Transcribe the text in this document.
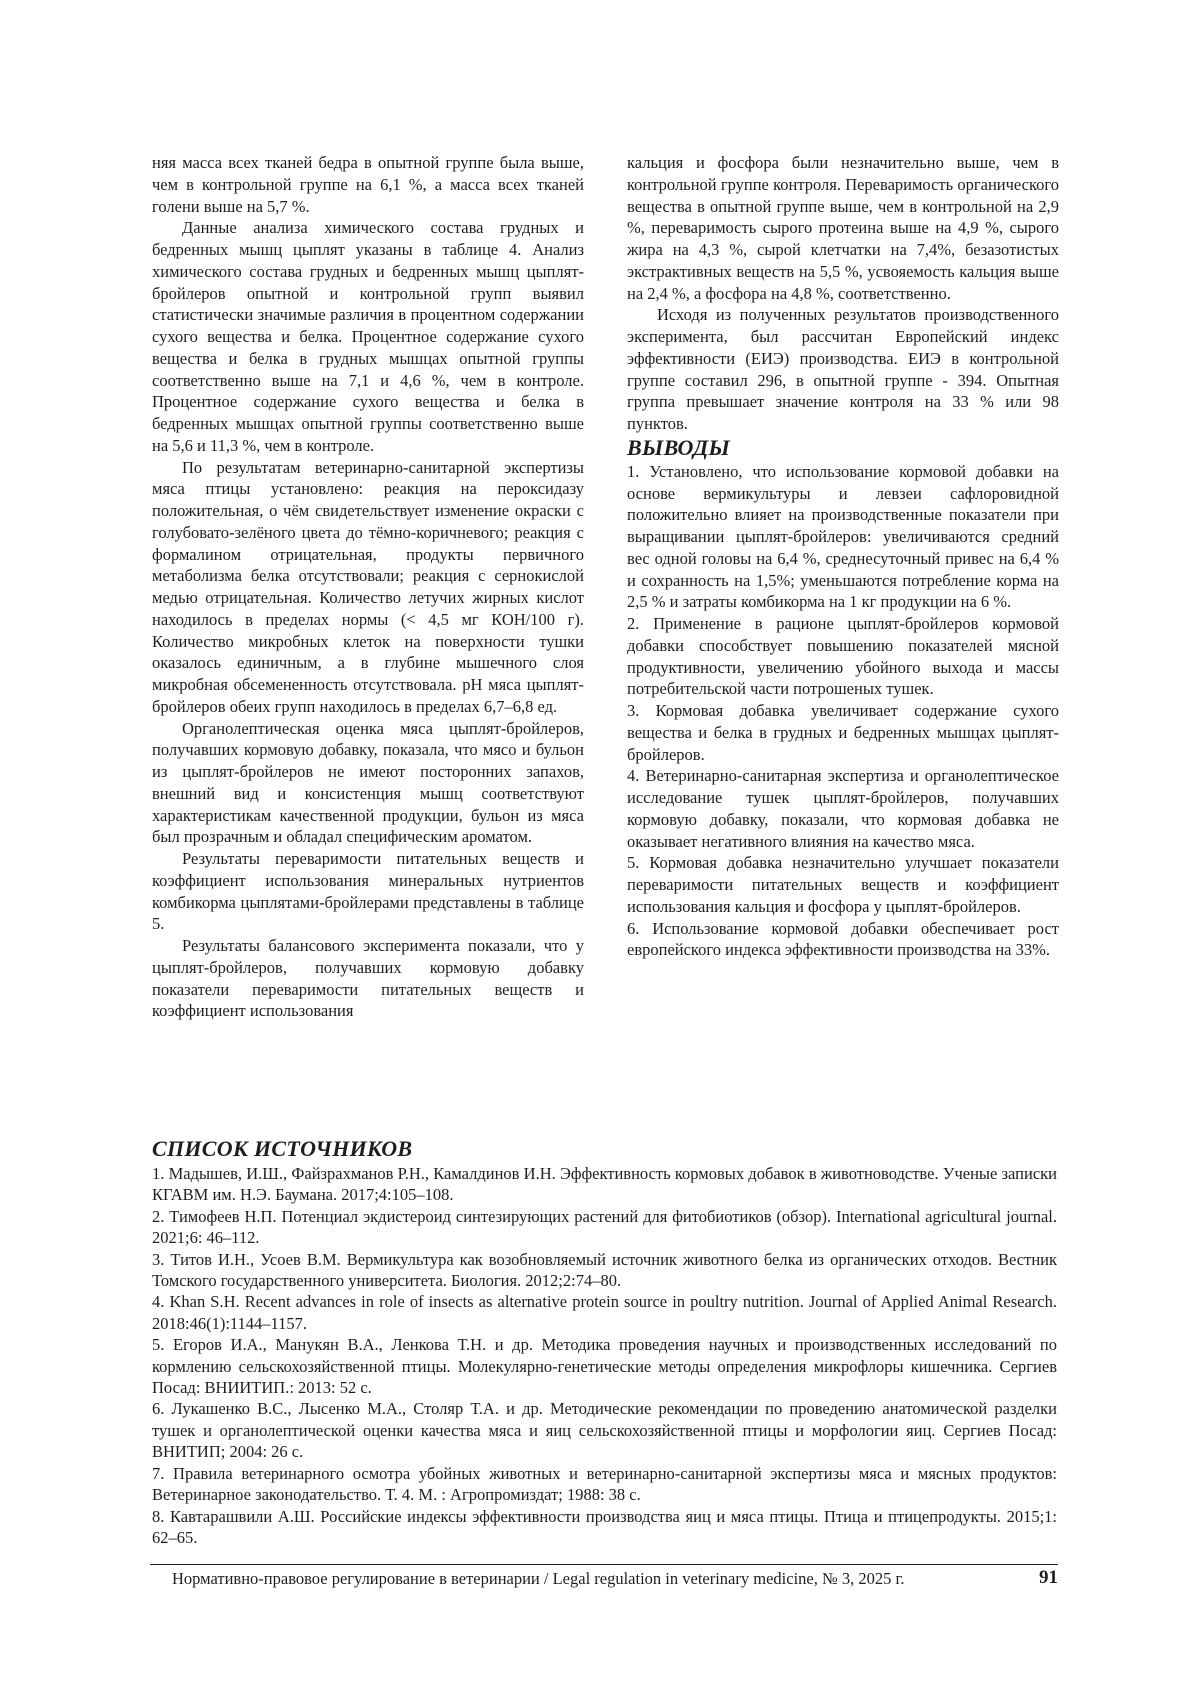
няя масса всех тканей бедра в опытной группе была выше, чем в контрольной группе на 6,1 %, а масса всех тканей голени выше на 5,7 %.

Данные анализа химического состава грудных и бедренных мышц цыплят указаны в таблице 4. Анализ химического состава грудных и бедренных мышц цыплят-бройлеров опытной и контрольной групп выявил статистически значимые различия в процентном содержании сухого вещества и белка. Процентное содержание сухого вещества и белка в грудных мышцах опытной группы соответственно выше на 7,1 и 4,6 %, чем в контроле. Процентное содержание сухого вещества и белка в бедренных мышцах опытной группы соответственно выше на 5,6 и 11,3 %, чем в контроле.

По результатам ветеринарно-санитарной экспертизы мяса птицы установлено: реакция на пероксидазу положительная, о чём свидетельствует изменение окраски с голубовато-зелёного цвета до тёмно-коричневого; реакция с формалином отрицательная, продукты первичного метаболизма белка отсутствовали; реакция с сернокислой медью отрицательная. Количество летучих жирных кислот находилось в пределах нормы (< 4,5 мг КОН/100 г). Количество микробных клеток на поверхности тушки оказалось единичным, а в глубине мышечного слоя микробная обсемененность отсутствовала. pH мяса цыплят-бройлеров обеих групп находилось в пределах 6,7–6,8 ед.

Органолептическая оценка мяса цыплят-бройлеров, получавших кормовую добавку, показала, что мясо и бульон из цыплят-бройлеров не имеют посторонних запахов, внешний вид и консистенция мышц соответствуют характеристикам качественной продукции, бульон из мяса был прозрачным и обладал специфическим ароматом.

Результаты переваримости питательных веществ и коэффициент использования минеральных нутриентов комбикорма цыплятами-бройлерами представлены в таблице 5.

Результаты балансового эксперимента показали, что у цыплят-бройлеров, получавших кормовую добавку показатели переваримости питательных веществ и коэффициент использования

кальция и фосфора были незначительно выше, чем в контрольной группе контроля. Переваримость органического вещества в опытной группе выше, чем в контрольной на 2,9 %, переваримость сырого протеина выше на 4,9 %, сырого жира на 4,3 %, сырой клетчатки на 7,4%, безазотистых экстрактивных веществ на 5,5 %, усвояемость кальция выше на 2,4 %, а фосфора на 4,8 %, соответственно.

Исходя из полученных результатов производственного эксперимента, был рассчитан Европейский индекс эффективности (ЕИЭ) производства. ЕИЭ в контрольной группе составил 296, в опытной группе - 394. Опытная группа превышает значение контроля на 33 % или 98 пунктов.

ВЫВОДЫ

1. Установлено, что использование кормовой добавки на основе вермикультуры и левзеи сафлоровидной положительно влияет на производственные показатели при выращивании цыплят-бройлеров: увеличиваются средний вес одной головы на 6,4 %, среднесуточный привес на 6,4 % и сохранность на 1,5%; уменьшаются потребление корма на 2,5 % и затраты комбикорма на 1 кг продукции на 6 %.

2. Применение в рационе цыплят-бройлеров кормовой добавки способствует повышению показателей мясной продуктивности, увеличению убойного выхода и массы потребительской части потрошеных тушек.

3. Кормовая добавка увеличивает содержание сухого вещества и белка в грудных и бедренных мышцах цыплят-бройлеров.

4. Ветеринарно-санитарная экспертиза и органолептическое исследование тушек цыплят-бройлеров, получавших кормовую добавку, показали, что кормовая добавка не оказывает негативного влияния на качество мяса.

5. Кормовая добавка незначительно улучшает показатели переваримости питательных веществ и коэффициент использования кальция и фосфора у цыплят-бройлеров.

6. Использование кормовой добавки обеспечивает рост европейского индекса эффективности производства на 33%.

СПИСОК ИСТОЧНИКОВ

1. Мадышев, И.Ш., Файзрахманов Р.Н., Камалдинов И.Н. Эффективность кормовых добавок в животноводстве. Ученые записки КГАВМ им. Н.Э. Баумана. 2017;4:105–108.

2. Тимофеев Н.П. Потенциал экдистероид синтезирующих растений для фитобиотиков (обзор). International agricultural journal. 2021;6: 46–112.

3. Титов И.Н., Усоев В.М. Вермикультура как возобновляемый источник животного белка из органических отходов. Вестник Томского государственного университета. Биология. 2012;2:74–80.

4. Khan S.H. Recent advances in role of insects as alternative protein source in poultry nutrition. Journal of Applied Animal Research. 2018:46(1):1144–1157.

5. Егоров И.А., Манукян В.А., Ленкова Т.Н. и др. Методика проведения научных и производственных исследований по кормлению сельскохозяйственной птицы. Молекулярно-генетические методы определения микрофлоры кишечника. Сергиев Посад: ВНИИТИП.: 2013: 52 с.

6. Лукашенко В.С., Лысенко М.А., Столяр Т.А. и др. Методические рекомендации по проведению анатомической разделки тушек и органолептической оценки качества мяса и яиц сельскохозяйственной птицы и морфологии яиц. Сергиев Посад: ВНИТИП; 2004: 26 с.

7. Правила ветеринарного осмотра убойных животных и ветеринарно-санитарной экспертизы мяса и мясных продуктов: Ветеринарное законодательство. Т. 4. М. : Агропромиздат; 1988: 38 с.

8. Кавтарашвили А.Ш. Российские индексы эффективности производства яиц и мяса птицы. Птица и птицепродукты. 2015;1: 62–65.

Нормативно-правовое регулирование в ветеринарии / Legal regulation in veterinary medicine, № 3, 2025 г.	91
